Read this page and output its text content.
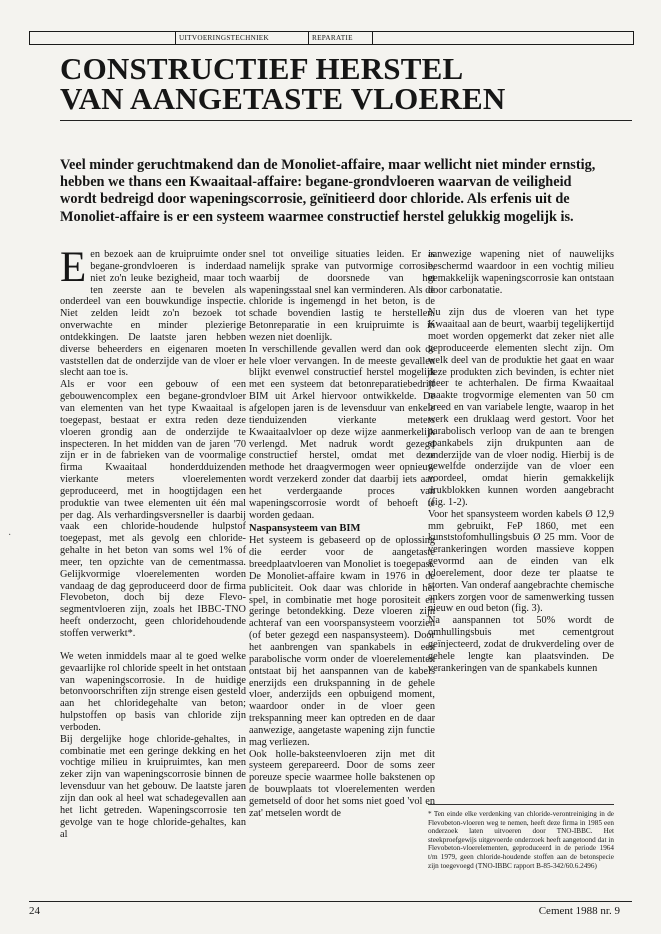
UITVOERINGSTECHNIEK	REPARATIE
CONSTRUCTIEF HERSTEL
VAN AANGETASTE VLOEREN

Veel minder geruchtmakend dan de Monoliet-affaire, maar wellicht niet minder ernstig, hebben we thans een Kwaaitaal-affaire: begane-grondvloeren waarvan de veiligheid wordt bedreigd door wapeningscorrosie, geïnitieerd door chloride. Als erfenis uit de Monoliet-affaire is er een systeem waarmee constructief herstel gelukkig mogelijk is.

Een bezoek aan de kruipruimte onder begane-grondvloeren is inderdaad niet zo'n leuke bezigheid, maar toch ten zeerste aan te bevelen als onderdeel van een bouwkundige inspectie. Niet zelden leidt zo'n bezoek tot onverwachte en minder plezierige ontdekkingen. De laatste jaren hebben diverse beheerders en eigenaren moeten vaststellen dat de onderzijde van de vloer er slecht aan toe is.

Als er voor een gebouw of een gebouwencomplex een begane-grondvloer van elementen van het type Kwaaitaal is toegepast, bestaat er extra reden deze vloeren grondig aan de onderzijde te inspecteren. In het midden van de jaren '70 zijn er in de fabrieken van de voormalige firma Kwaaitaal honderdduizenden vierkante meters vloerelementen geproduceerd, met in hoogtijdagen een produktie van twee elementen uit één mal per dag. Als verhardingsversneller is daarbij vaak een chloride-houdende hulpstof toegepast, met als gevolg een chloride-gehalte in het beton van soms wel 1% of meer, ten opzichte van de cementmassa. Gelijkvormige vloerelementen worden vandaag de dag geproduceerd door de firma Flevobeton, doch bij deze Flevo-segmentvloeren zijn, zoals het IBBC-TNO heeft onderzocht, geen chloridehoudende stoffen verwerkt*.

We weten inmiddels maar al te goed welke gevaarlijke rol chloride speelt in het ontstaan van wapeningscorrosie. In de huidige betonvoorschriften zijn strenge eisen gesteld aan het chloridegehalte van beton; hulpstoffen op basis van chloride zijn verboden.

Bij dergelijke hoge chloride-gehaltes, in combinatie met een geringe dekking en het vochtige milieu in kruipruimtes, kan men zeker zijn van wapeningscorrosie binnen de levensduur van het gebouw. De laatste jaren zijn dan ook al heel wat schadegevallen aan het licht getreden. Wapeningscorrosie ten gevolge van te hoge chloride-gehaltes, kan al

snel tot onveilige situaties leiden. Er is namelijk sprake van putvormige corrosie, waarbij de doorsnede van het wapeningsstaal snel kan verminderen. Als de chloride is ingemengd in het beton, is de schade bovendien lastig te herstellen. Betonreparatie in een kruipruimte is in wezen niet doenlijk.

In verschillende gevallen werd dan ook de hele vloer vervangen. In de meeste gevallen blijkt evenwel constructief herstel mogelijk met een systeem dat betonreparatiebedrijf BIM uit Arkel hiervoor ontwikkelde. De afgelopen jaren is de levensduur van enkele tienduizenden vierkante meters Kwaaitaalvloer op deze wijze aanmerkelijk verlengd. Met nadruk wordt gezegd constructief herstel, omdat met deze methode het draagvermogen weer opnieuw wordt verzekerd zonder dat daarbij iets aan het verdergaande proces van wapeningscorrosie wordt of behoeft te worden gedaan.

Naspansysteem van BIM

Het systeem is gebaseerd op de oplossing die eerder voor de aangetaste breedplaatvloeren van Monoliet is toegepast. De Monoliet-affaire kwam in 1976 in de publiciteit. Ook daar was chloride in het spel, in combinatie met hoge porositeit en geringe betondekking. Deze vloeren zijn achteraf van een voorspansysteem voorzien (of beter gezegd een naspansysteem). Door het aanbrengen van spankabels in een parabolische vorm onder de vloerelementen ontstaat bij het aanspannen van de kabels enerzijds een drukspanning in de gehele vloer, anderzijds een opbuigend moment, waardoor onder in de vloer geen trekspanning meer kan optreden en de daar aanwezige, aangetaste wapening zijn functie mag verliezen.

Ook holle-baksteenvloeren zijn met dit systeem gerepareerd. Door de soms zeer poreuze specie waarmee holle bakstenen op de bouwplaats tot vloerelementen werden gemetseld of door het soms niet goed 'vol en zat' metselen wordt de

aanwezige wapening niet of nauwelijks beschermd waardoor in een vochtig milieu gemakkelijk wapeningscorrosie kan ontstaan door carbonatatie.

Nu zijn dus de vloeren van het type Kwaaitaal aan de beurt, waarbij tegelijkertijd moet worden opgemerkt dat zeker niet alle geproduceerde elementen slecht zijn. Om welk deel van de produktie het gaat en waar deze produkten zich bevinden, is echter niet meer te achterhalen. De firma Kwaaitaal maakte trogvormige elementen van 50 cm breed en van variabele lengte, waarop in het werk een druklaag werd gestort. Voor het parabolisch verloop van de aan te brengen spankabels zijn drukpunten aan de onderzijde van de vloer nodig. Hierbij is de gewelfde onderzijde van de vloer een voordeel, omdat hierin gemakkelijk drukblokken kunnen worden aangebracht (fig. 1-2).

Voor het spansysteem worden kabels Ø 12,9 mm gebruikt, FeP 1860, met een kunststofomhullingsbuis Ø 25 mm. Voor de verankeringen worden massieve koppen gevormd aan de einden van elk vloerelement, door deze ter plaatse te storten. Van onderaf aangebrachte chemische ankers zorgen voor de samenwerking tussen nieuw en oud beton (fig. 3).

Na aanspannen tot 50% wordt de omhullingsbuis met cementgrout geïnjecteerd, zodat de drukverdeling over de gehele lengte kan plaatsvinden. De verankeringen van de spankabels kunnen

* Ten einde elke verdenking van chloride-verontreiniging in de Flevobeton-vloeren weg te nemen, heeft deze firma in 1985 een onderzoek laten uitvoeren door TNO-IBBC. Het steekproefgewijs uitgevoerde onderzoek heeft aangetoond dat in Flevobeton-vloerelementen, geproduceerd in de periode 1964 t/m 1979, geen chloride-houdende stoffen aan de betonspecie zijn toegevoegd (TNO-IBBC rapport B-85-342/60.6.2496)

·
24	Cement 1988 nr. 9
